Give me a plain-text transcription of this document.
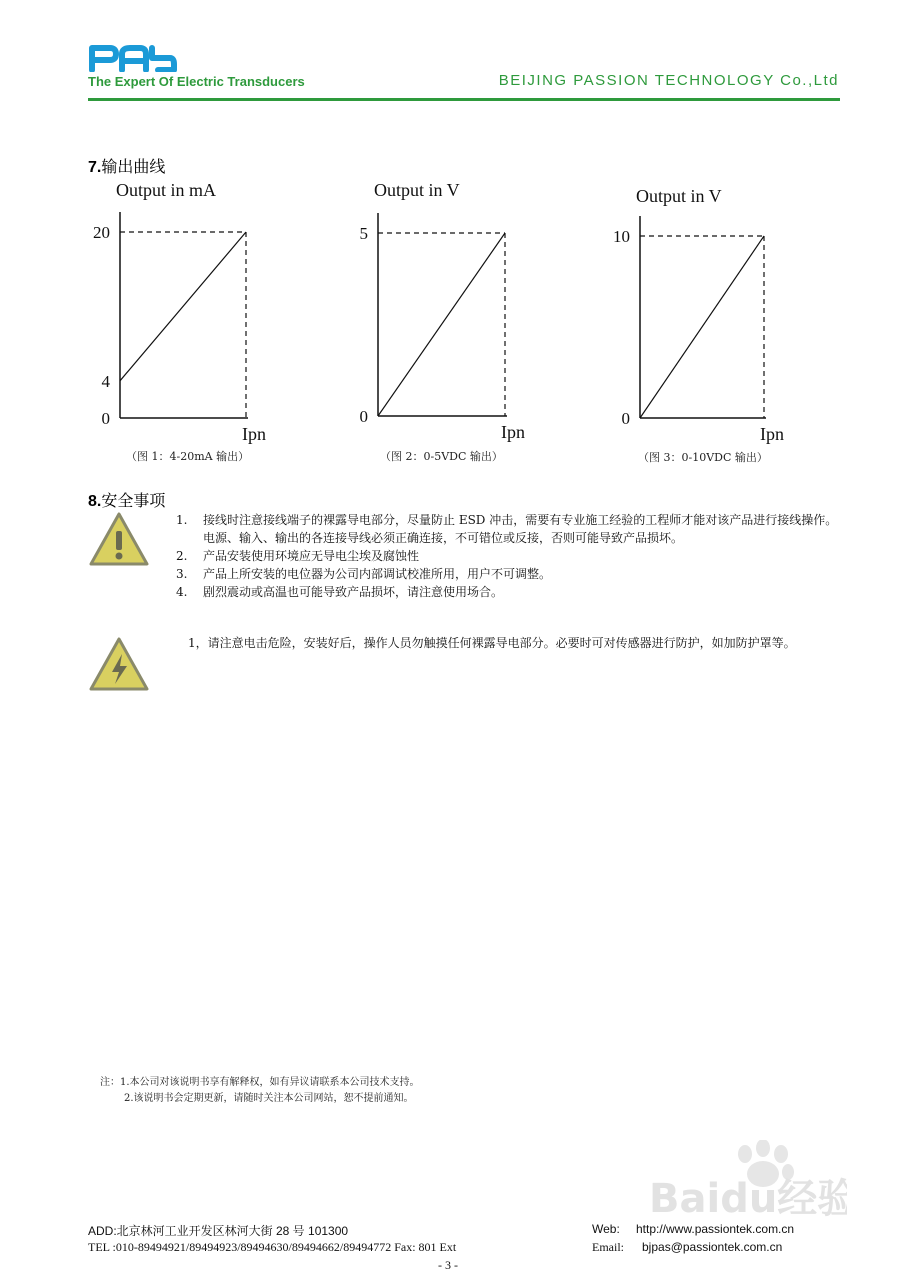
The Expert Of Electric Transducers	BEIJING PASSION TECHNOLOGY Co.,Ltd
7.输出曲线
Output in mA
Ipn
0
4
20
Output in V
Ipn
0
5
Output in V
Ipn
0
10
（图 1：4-20mA 输出）	（图 2：0-5VDC 输出）	（图 3：0-10VDC 输出）
8.安全事项
1. 接线时注意接线端子的裸露导电部分，尽量防止 ESD 冲击，需要有专业施工经验的工程师才能对该产品进行接线操作。电源、输入、输出的各连接导线必须正确连接，不可错位或反接，否则可能导致产品损坏。
2. 产品安装使用环境应无导电尘埃及腐蚀性
3. 产品上所安装的电位器为公司内部调试校准所用，用户不可调整。
4. 剧烈震动或高温也可能导致产品损坏，请注意使用场合。
1，请注意电击危险，安装好后，操作人员勿触摸任何裸露导电部分。必要时可对传感器进行防护，如加防护罩等。
注：1.本公司对该说明书享有解释权，如有异议请联系本公司技术支持。
2.该说明书会定期更新，请随时关注本公司网站，恕不提前通知。
Baidu经验
ADD:北京林河工业开发区林河大街 28 号 101300
TEL :010-89494921/89494923/89494630/89494662/89494772 Fax: 801 Ext
Web: http://www.passiontek.com.cn
Email: bjpas@passiontek.com.cn
- 3 -
